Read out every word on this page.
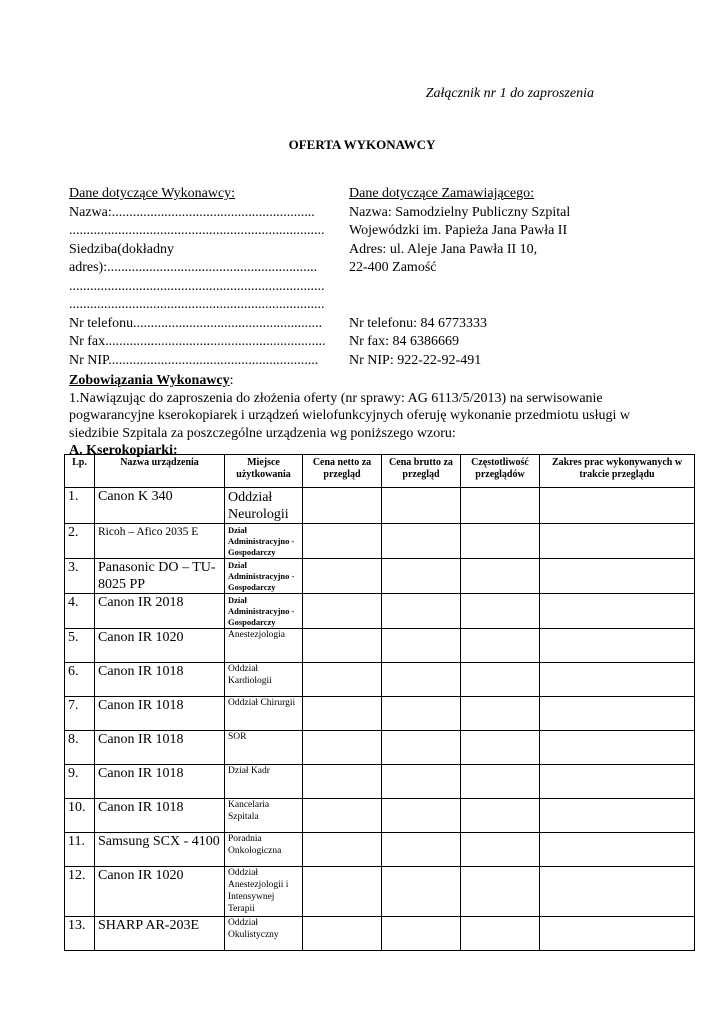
Załącznik nr 1 do zaproszenia
OFERTA WYKONAWCY
Dane dotyczące Wykonawcy:
Nazwa:..........................................................
.........................................................................
Siedziba(dokładny
adres):............................................................
.........................................................................
.........................................................................
Nr telefonu......................................................
Nr fax...............................................................
Nr NIP............................................................
Dane dotyczące Zamawiającego:
Nazwa: Samodzielny Publiczny Szpital
Wojewódzki im. Papieża Jana Pawła II
Adres: ul. Aleje Jana Pawła II 10,
22-400 Zamość
Nr telefonu: 84 6773333
Nr fax: 84 6386669
Nr NIP: 922-22-92-491
Zobowiązania Wykonawcy:
1.Nawiązując do zaproszenia do złożenia oferty (nr sprawy: AG 6113/5/2013) na serwisowanie pogwarancyjne kserokopiarek i urządzeń wielofunkcyjnych oferuję wykonanie przedmiotu usługi w siedzibie Szpitala za poszczególne urządzenia wg poniższego wzoru:
A. Kserokopiarki:
Lp.	Nazwa urządzenia	Miejsce użytkowania	Cena netto za przegląd	Cena brutto za przegląd	Częstotliwość przeglądów	Zakres prac wykonywanych w trakcie przeglądu
1.	Canon K 340	Oddział Neurologii				
2.	Ricoh – Afico 2035 E	Dział Administracyjno - Gospodarczy				
3.	Panasonic DO – TU-8025 PP	Dział Administracyjno - Gospodarczy				
4.	Canon IR 2018	Dział Administracyjno - Gospodarczy				
5.	Canon IR 1020	Anestezjologia				
6.	Canon IR 1018	Oddział Kardiologii				
7.	Canon IR 1018	Oddział Chirurgii				
8.	Canon IR 1018	SOR				
9.	Canon IR 1018	Dział Kadr				
10.	Canon IR 1018	Kancelaria Szpitala				
11.	Samsung SCX - 4100	Poradnia Onkologiczna				
12.	Canon IR 1020	Oddział Anestezjologii i Intensywnej Terapii				
13.	SHARP AR-203E	Oddział Okulistyczny				
